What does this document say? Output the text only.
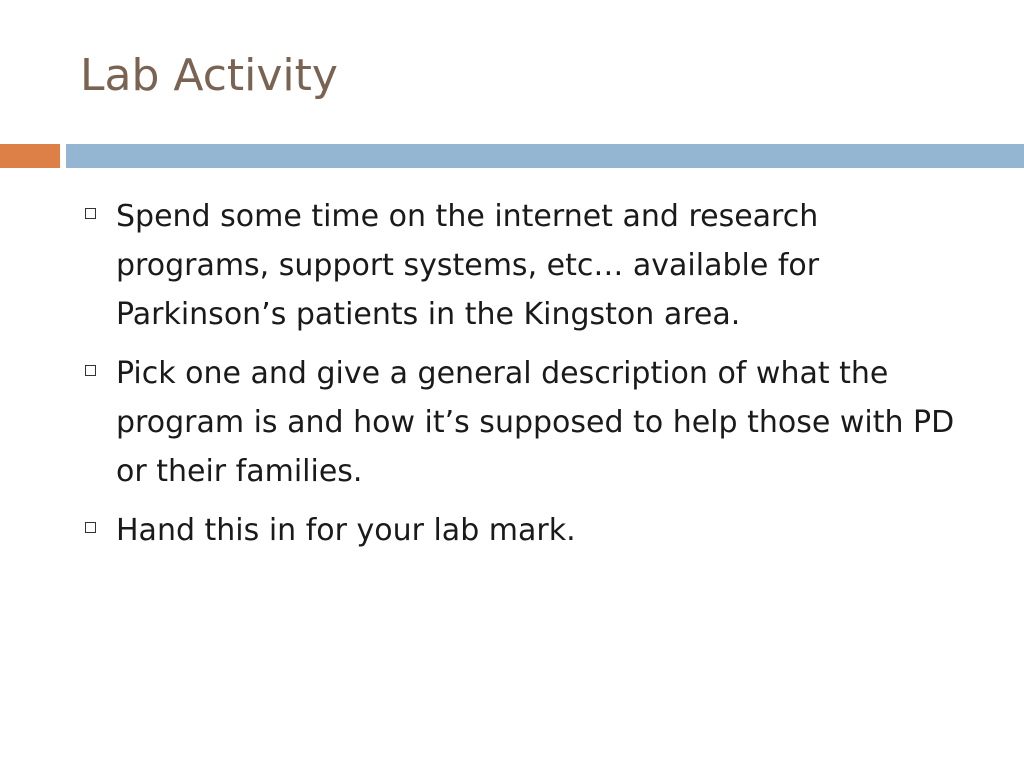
Lab Activity
Spend some time on the internet and research programs, support systems, etc… available for Parkinson’s patients in the Kingston area.
Pick one and give a general description of what the program is and how it’s supposed to help those with PD or their families.
Hand this in for your lab mark.
